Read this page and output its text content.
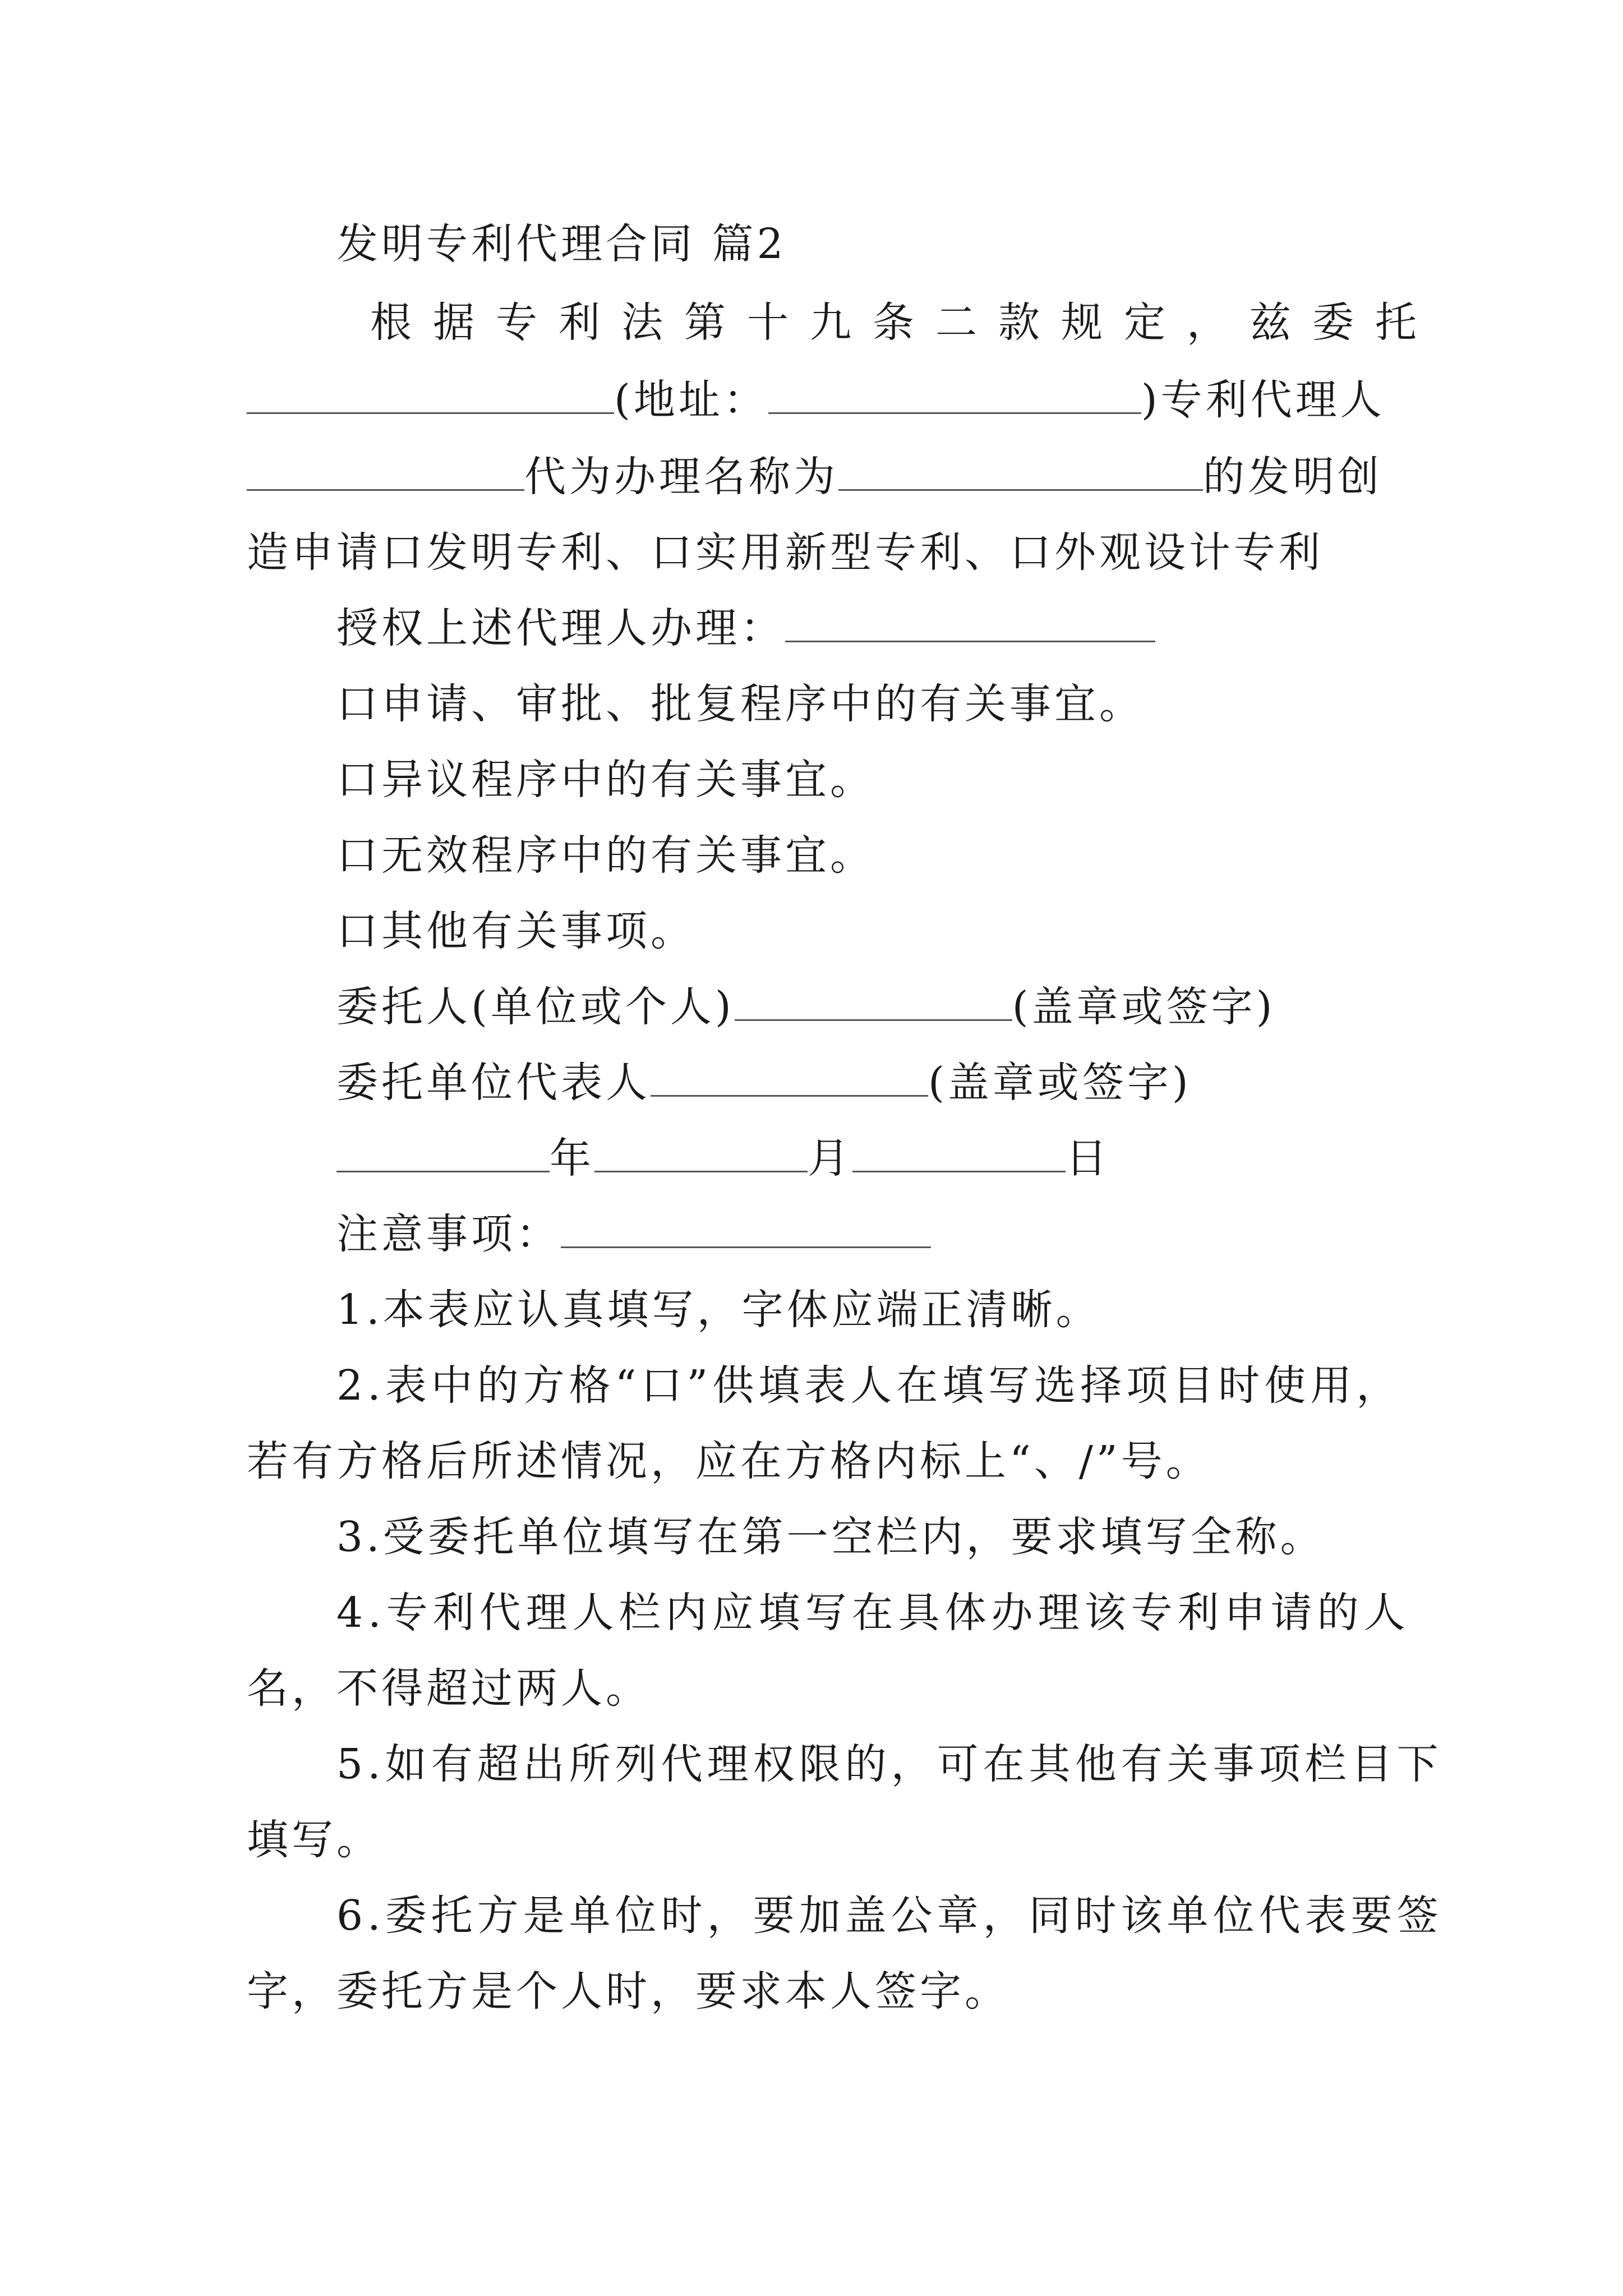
发明专利代理合同 篇2
根据专利法第十九条二款规定，兹委托
(地址：	)专利代理人
代为办理名称为	的发明创
造申请口发明专利、口实用新型专利、口外观设计专利
授权上述代理人办理：
口申请、审批、批复程序中的有关事宜。
口异议程序中的有关事宜。
口无效程序中的有关事宜。
口其他有关事项。
委托人(单位或个人)	(盖章或签字)
委托单位代表人	(盖章或签字)
年	月	日
注意事项：
1.本表应认真填写，字体应端正清晰。
2.表中的方格“口”供填表人在填写选择项目时使用，
若有方格后所述情况，应在方格内标上“、/”号。
3.受委托单位填写在第一空栏内，要求填写全称。
4.专利代理人栏内应填写在具体办理该专利申请的人
名，不得超过两人。
5.如有超出所列代理权限的，可在其他有关事项栏目下
填写。
6.委托方是单位时，要加盖公章，同时该单位代表要签
字，委托方是个人时，要求本人签字。
